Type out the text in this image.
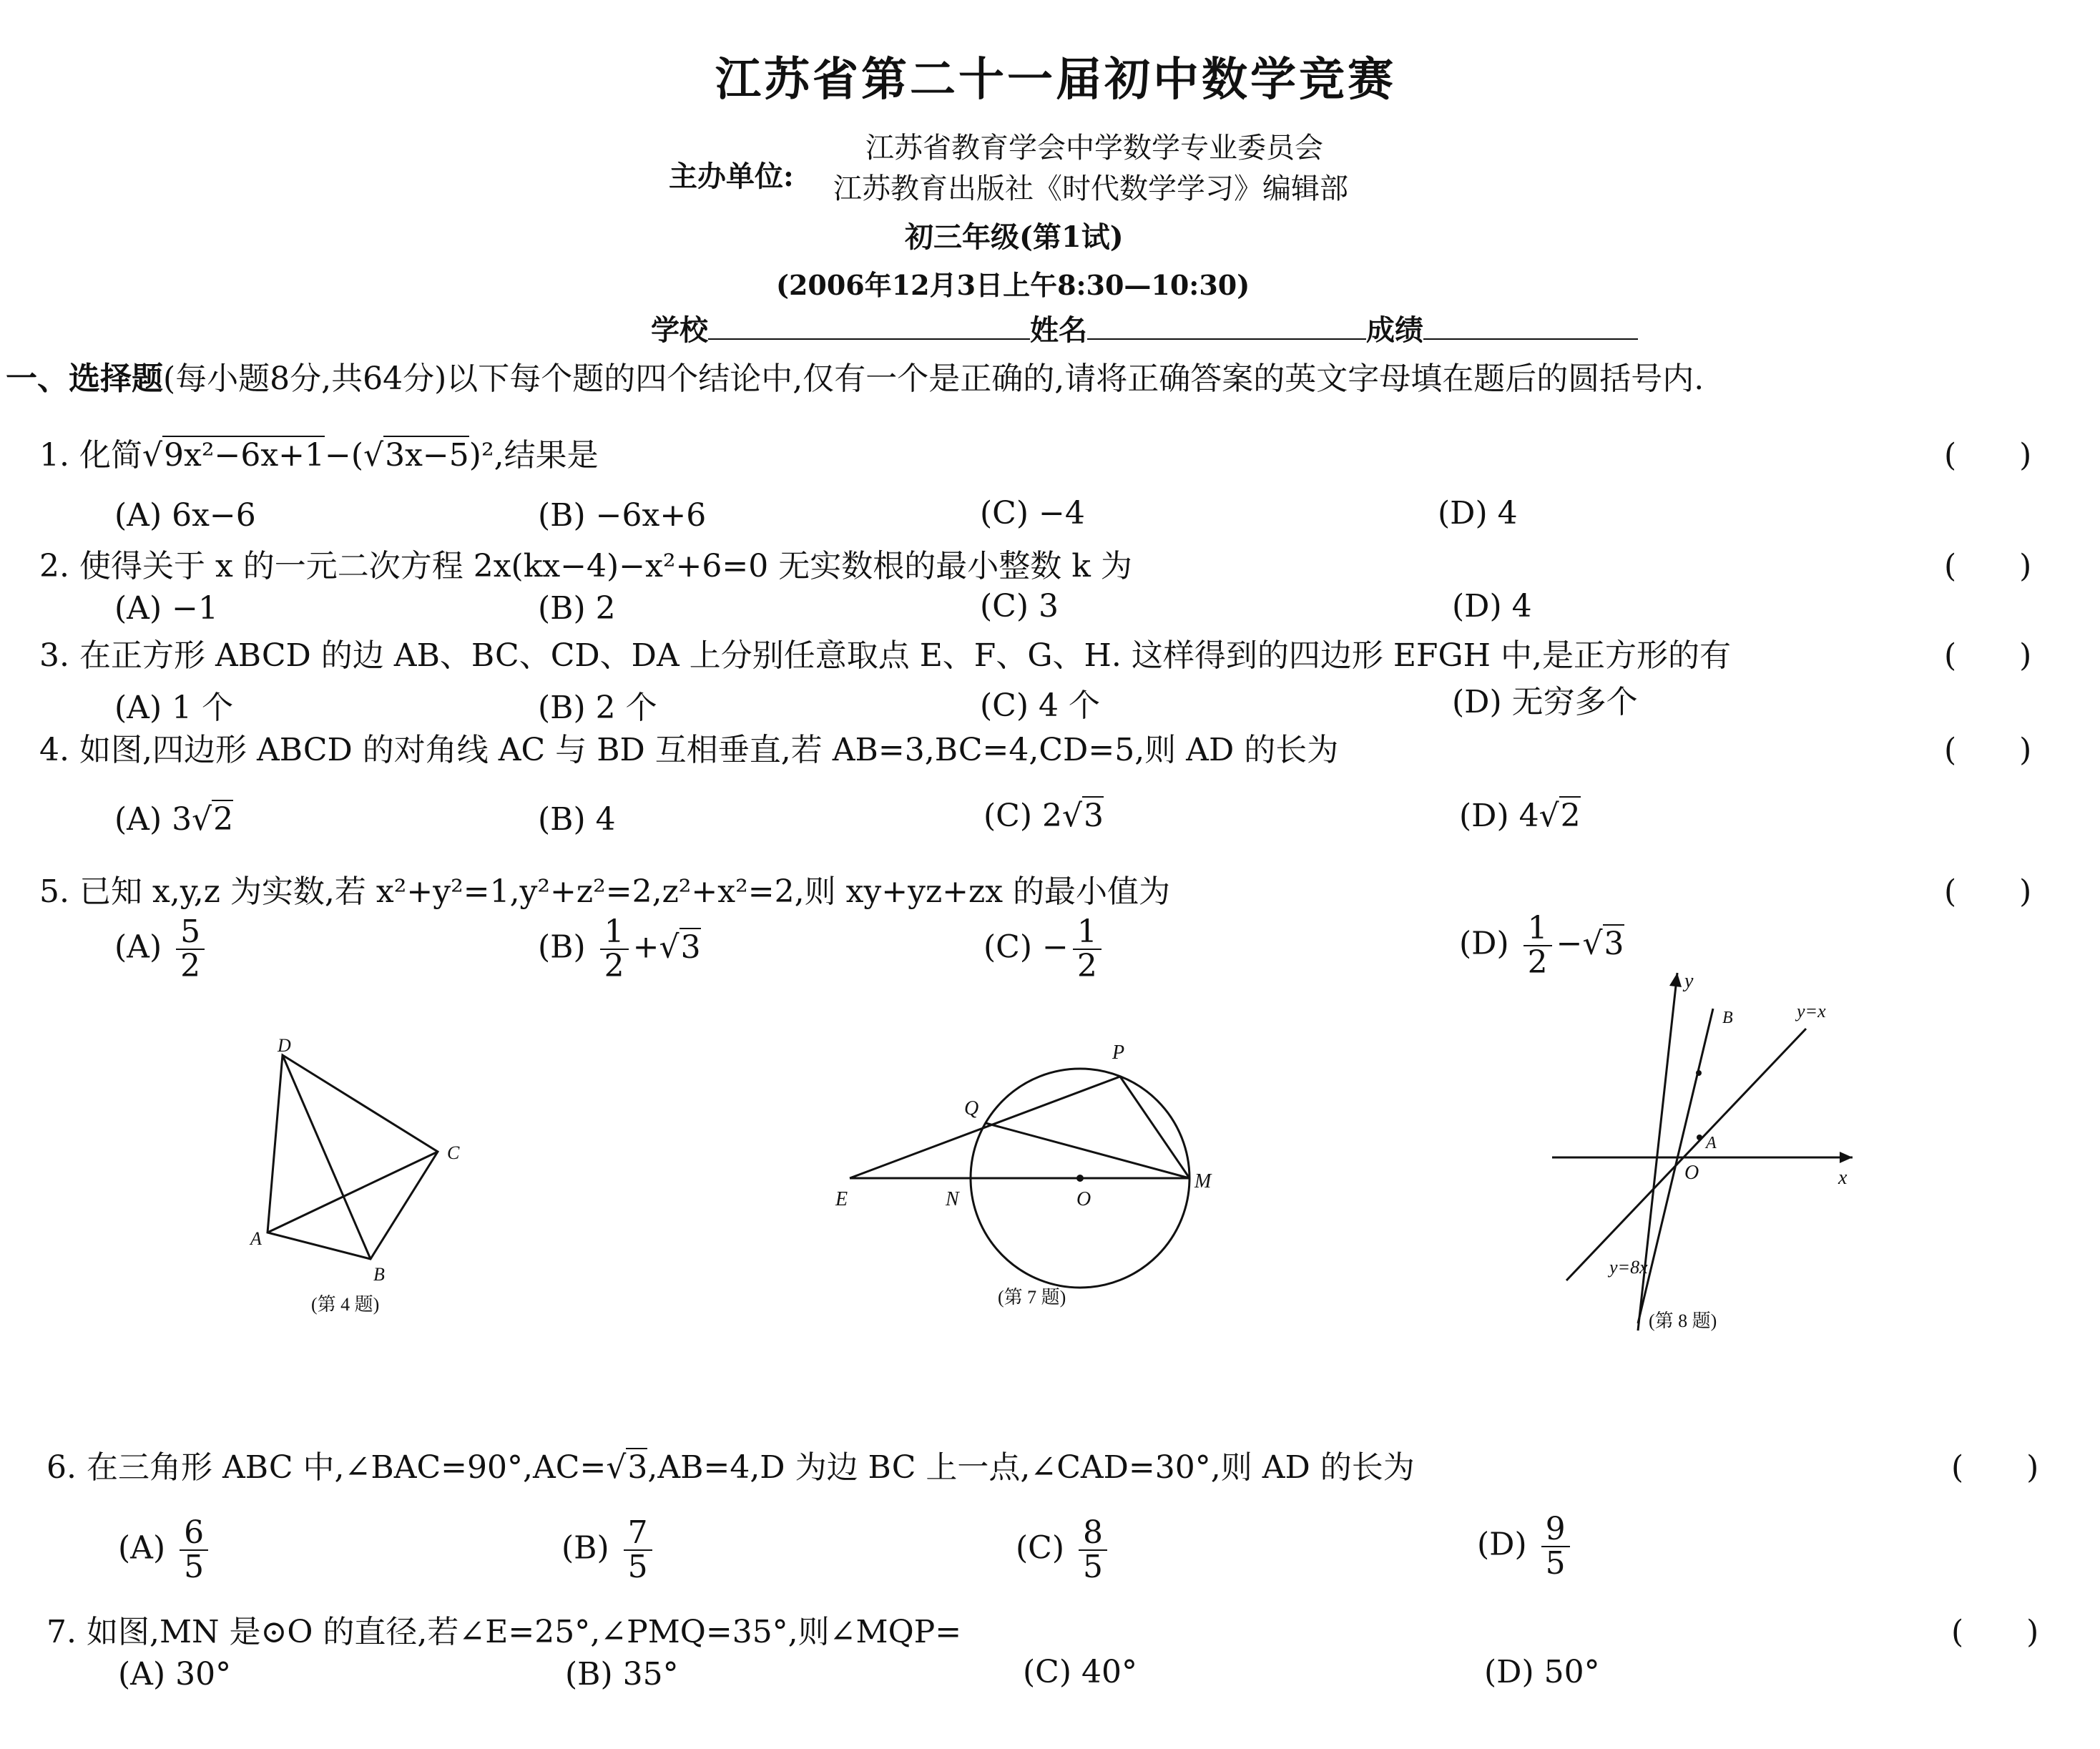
江苏省第二十一届初中数学竞赛
主办单位:
江苏省教育学会中学数学专业委员会
江苏教育出版社《时代数学学习》编辑部
初三年级(第1试)
(2006年12月3日上午8:30—10:30)
学校	姓名	成绩
一、选择题(每小题8分,共64分)以下每个题的四个结论中,仅有一个是正确的,请将正确答案的英文字母填在题后的圆括号内.
1. 化简√9x²−6x+1−(√3x−5)²,结果是	(　　)
(A) 6x−6	(B) −6x+6	(C) −4	(D) 4
2. 使得关于 x 的一元二次方程 2x(kx−4)−x²+6=0 无实数根的最小整数 k 为	(　　)
(A) −1	(B) 2	(C) 3	(D) 4
3. 在正方形 ABCD 的边 AB、BC、CD、DA 上分别任意取点 E、F、G、H. 这样得到的四边形 EFGH 中,是正方形的有	(　　)
(A) 1 个	(B) 2 个	(C) 4 个	(D) 无穷多个
4. 如图,四边形 ABCD 的对角线 AC 与 BD 互相垂直,若 AB=3,BC=4,CD=5,则 AD 的长为	(　　)
(A) 3√2	(B) 4	(C) 2√3	(D) 4√2
5. 已知 x,y,z 为实数,若 x²+y²=1,y²+z²=2,z²+x²=2,则 xy+yz+zx 的最小值为	(　　)
$(A) \frac{5}{2}$	$(B) \frac{1}{2} +√3$	$(C) - \frac{1}{2}$	$(D) \frac{1}{2} -√3$
D
C
A
B
(第 4 题)
P
Q
E	N	O
M
(第 7 题)
y
x
B
A
O
y=x
y=8x
(第 8 题)
6. 在三角形 ABC 中,∠BAC=90°,AC=√3,AB=4,D 为边 BC 上一点,∠CAD=30°,则 AD 的长为	(　　)
$(A) \frac{6}{5}$	$(B) \frac{7}{5}$	$(C) \frac{8}{5}$	$(D) \frac{9}{5}$
7. 如图,MN 是⊙O 的直径,若∠E=25°,∠PMQ=35°,则∠MQP=	(　　)
(A) 30°	(B) 35°	(C) 40°	(D) 50°
